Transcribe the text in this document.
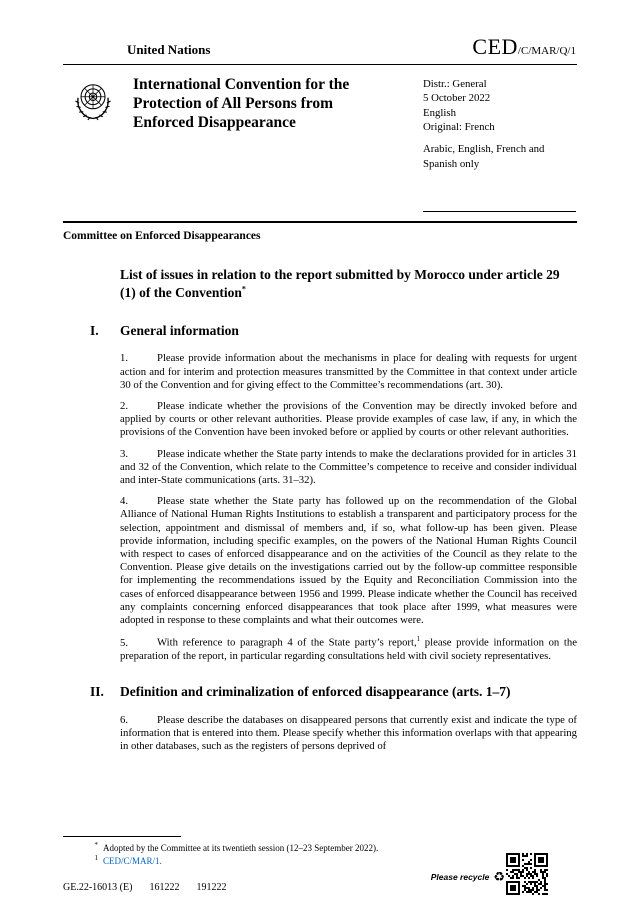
United Nations	CED/C/MAR/Q/1
International Convention for the Protection of All Persons from Enforced Disappearance
Distr.: General
5 October 2022
English
Original: French
Arabic, English, French and Spanish only
Committee on Enforced Disappearances
List of issues in relation to the report submitted by Morocco under article 29 (1) of the Convention*
I.	General information

1.	Please provide information about the mechanisms in place for dealing with requests for urgent action and for interim and protection measures transmitted by the Committee in that context under article 30 of the Convention and for giving effect to the Committee’s recommendations (art. 30).

2.	Please indicate whether the provisions of the Convention may be directly invoked before and applied by courts or other relevant authorities. Please provide examples of case law, if any, in which the provisions of the Convention have been invoked before or applied by courts or other relevant authorities.

3.	Please indicate whether the State party intends to make the declarations provided for in articles 31 and 32 of the Convention, which relate to the Committee’s competence to receive and consider individual and inter-State communications (arts. 31–32).

4.	Please state whether the State party has followed up on the recommendation of the Global Alliance of National Human Rights Institutions to establish a transparent and participatory process for the selection, appointment and dismissal of members and, if so, what follow-up has been given. Please provide information, including specific examples, on the powers of the National Human Rights Council with respect to cases of enforced disappearance and on the activities of the Council as they relate to the Convention. Please give details on the investigations carried out by the follow-up committee responsible for implementing the recommendations issued by the Equity and Reconciliation Commission into the cases of enforced disappearance between 1956 and 1999. Please indicate whether the Council has received any complaints concerning enforced disappearances that took place after 1999, what measures were adopted in response to these complaints and what their outcomes were.

5.	With reference to paragraph 4 of the State party’s report,$^1$ please provide information on the preparation of the report, in particular regarding consultations held with civil society representatives.

II.	Definition and criminalization of enforced disappearance (arts. 1–7)

6.	Please describe the databases on disappeared persons that currently exist and indicate the type of information that is entered into them. Please specify whether this information overlaps with that appearing in other databases, such as the registers of persons deprived of

* Adopted by the Committee at its twentieth session (12–23 September 2022).
$^1$ CED/C/MAR/1.
GE.22-16013 (E) 161222 191222
Please recycle ♻
